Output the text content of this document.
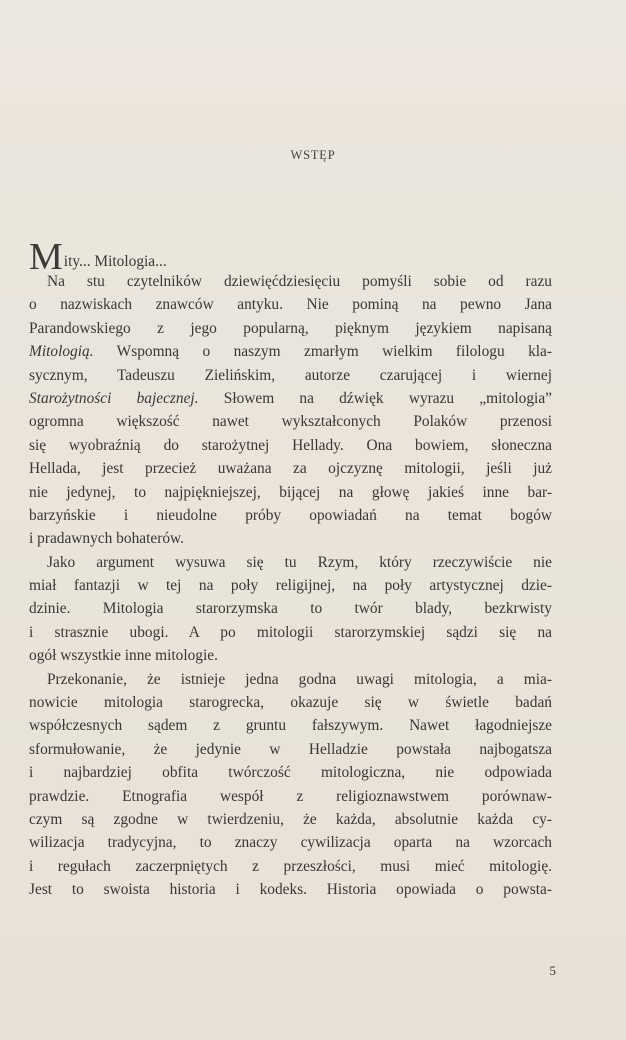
WSTĘP
Mity... Mitologia...
Na stu czytelników dziewięćdziesięciu pomyśli sobie od razu
o nazwiskach znawców antyku. Nie pominą na pewno Jana
Parandowskiego z jego popularną, pięknym językiem napisaną
Mitologią. Wspomną o naszym zmarłym wielkim filologu kla-
sycznym, Tadeuszu Zielińskim, autorze czarującej i wiernej
Starożytności bajecznej. Słowem na dźwięk wyrazu „mitologia”
ogromna większość nawet wykształconych Polaków przenosi
się wyobraźnią do starożytnej Hellady. Ona bowiem, słoneczna
Hellada, jest przecież uważana za ojczyznę mitologii, jeśli już
nie jedynej, to najpiękniejszej, bijącej na głowę jakieś inne bar-
barzyńskie i nieudolne próby opowiadań na temat bogów
i pradawnych bohaterów.
Jako argument wysuwa się tu Rzym, który rzeczywiście nie
miał fantazji w tej na poły religijnej, na poły artystycznej dzie-
dzinie. Mitologia starorzymska to twór blady, bezkrwisty
i strasznie ubogi. A po mitologii starorzymskiej sądzi się na
ogół wszystkie inne mitologie.
Przekonanie, że istnieje jedna godna uwagi mitologia, a mia-
nowicie mitologia starogrecka, okazuje się w świetle badań
współczesnych sądem z gruntu fałszywym. Nawet łagodniejsze
sformułowanie, że jedynie w Helladzie powstała najbogatsza
i najbardziej obfita twórczość mitologiczna, nie odpowiada
prawdzie. Etnografia wespół z religioznawstwem porównaw-
czym są zgodne w twierdzeniu, że każda, absolutnie każda cy-
wilizacja tradycyjna, to znaczy cywilizacja oparta na wzorcach
i regułach zaczerpniętych z przeszłości, musi mieć mitologię.
Jest to swoista historia i kodeks. Historia opowiada o powsta-
5
